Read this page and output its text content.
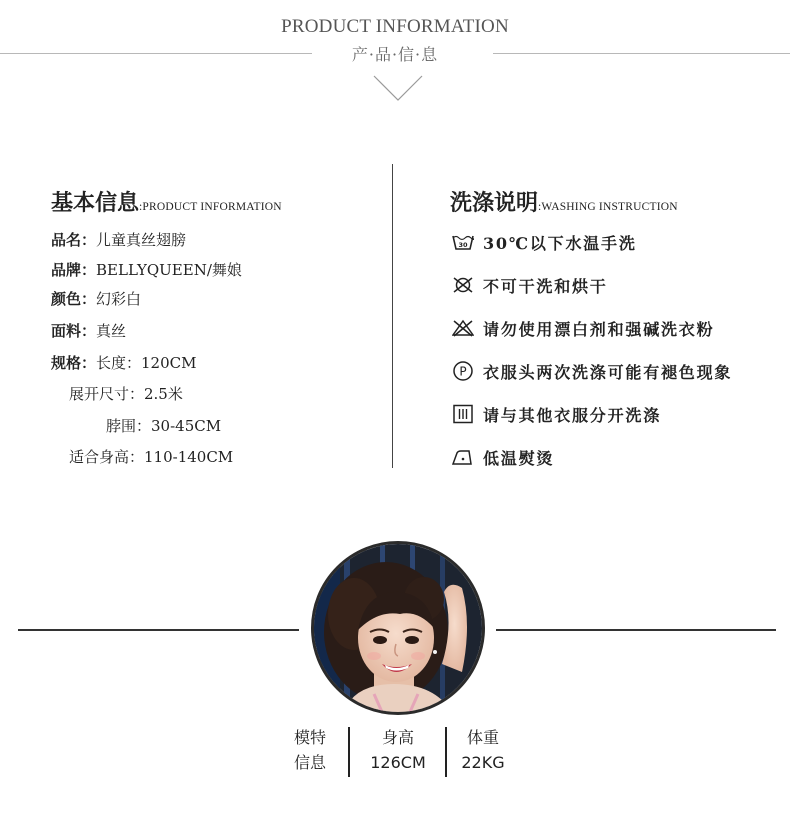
PRODUCT INFORMATION
产·品·信·息
基本信息:PRODUCT INFORMATION
品名：儿童真丝翅膀
品牌：BELLYQUEEN/舞娘
颜色：幻彩白
面料：真丝
规格：长度：120CM
展开尺寸：2.5米
脖围：30-45CM
适合身高：110-140CM
洗涤说明:WASHING INSTRUCTION
30 30℃以下水温手洗
不可干洗和烘干
请勿使用漂白剂和强碱洗衣粉
P 衣服头两次洗涤可能有褪色现象
请与其他衣服分开洗涤
低温熨烫
模特
信息
身高
126CM
体重
22KG
